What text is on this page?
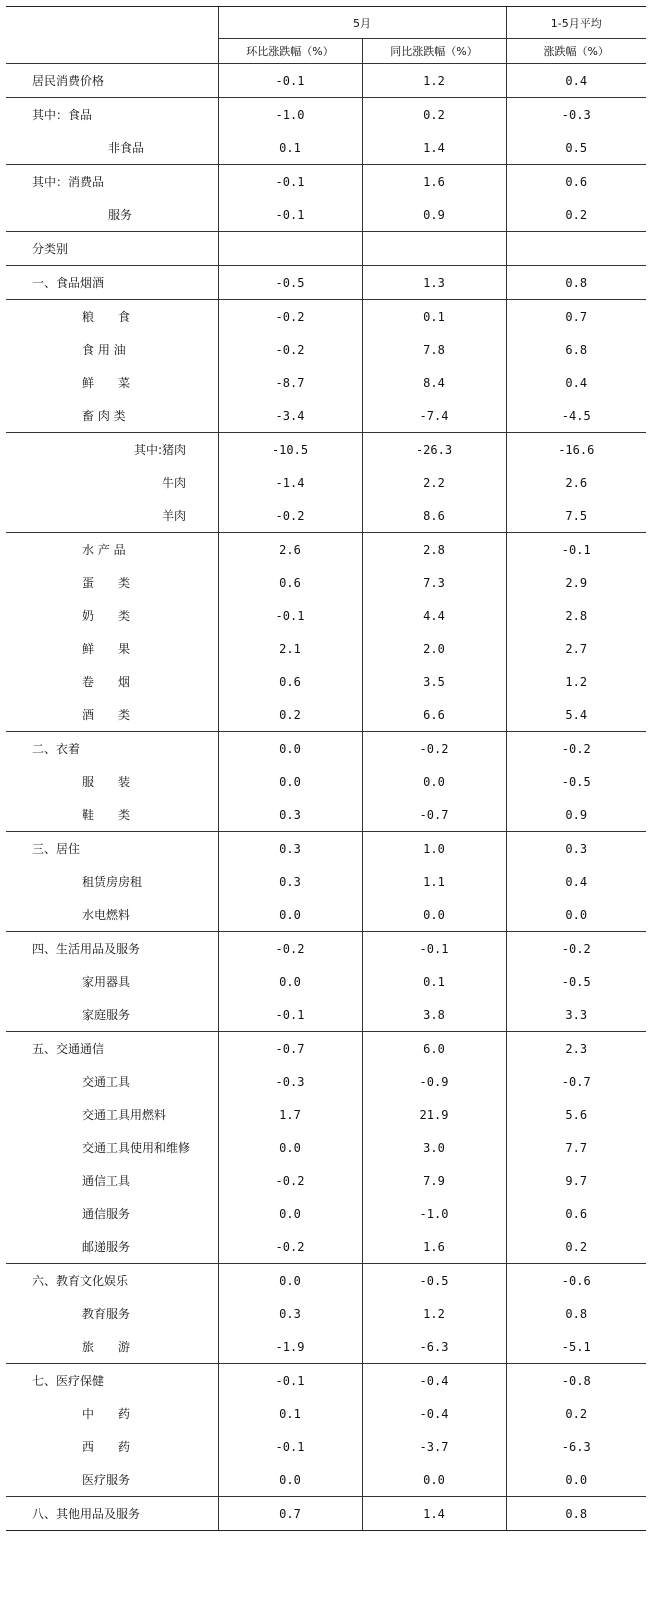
	5月		1-5月平均
	环比涨跌幅（%）	同比涨跌幅（%）	涨跌幅（%）
居民消费价格	-0.1	1.2	0.4
其中：食品	-1.0	0.2	-0.3
非食品	0.1	1.4	0.5
其中：消费品	-0.1	1.6	0.6
服务	-0.1	0.9	0.2
分类别			
一、食品烟酒	-0.5	1.3	0.8
粮　　食	-0.2	0.1	0.7
食 用 油	-0.2	7.8	6.8
鲜　　菜	-8.7	8.4	0.4
畜 肉 类	-3.4	-7.4	-4.5
其中:猪肉	-10.5	-26.3	-16.6
牛肉	-1.4	2.2	2.6
羊肉	-0.2	8.6	7.5
水 产 品	2.6	2.8	-0.1
蛋　　类	0.6	7.3	2.9
奶　　类	-0.1	4.4	2.8
鲜　　果	2.1	2.0	2.7
卷　　烟	0.6	3.5	1.2
酒　　类	0.2	6.6	5.4
二、衣着	0.0	-0.2	-0.2
服　　装	0.0	0.0	-0.5
鞋　　类	0.3	-0.7	0.9
三、居住	0.3	1.0	0.3
租赁房房租	0.3	1.1	0.4
水电燃料	0.0	0.0	0.0
四、生活用品及服务	-0.2	-0.1	-0.2
家用器具	0.0	0.1	-0.5
家庭服务	-0.1	3.8	3.3
五、交通通信	-0.7	6.0	2.3
交通工具	-0.3	-0.9	-0.7
交通工具用燃料	1.7	21.9	5.6
交通工具使用和维修	0.0	3.0	7.7
通信工具	-0.2	7.9	9.7
通信服务	0.0	-1.0	0.6
邮递服务	-0.2	1.6	0.2
六、教育文化娱乐	0.0	-0.5	-0.6
教育服务	0.3	1.2	0.8
旅　　游	-1.9	-6.3	-5.1
七、医疗保健	-0.1	-0.4	-0.8
中　　药	0.1	-0.4	0.2
西　　药	-0.1	-3.7	-6.3
医疗服务	0.0	0.0	0.0
八、其他用品及服务	0.7	1.4	0.8
